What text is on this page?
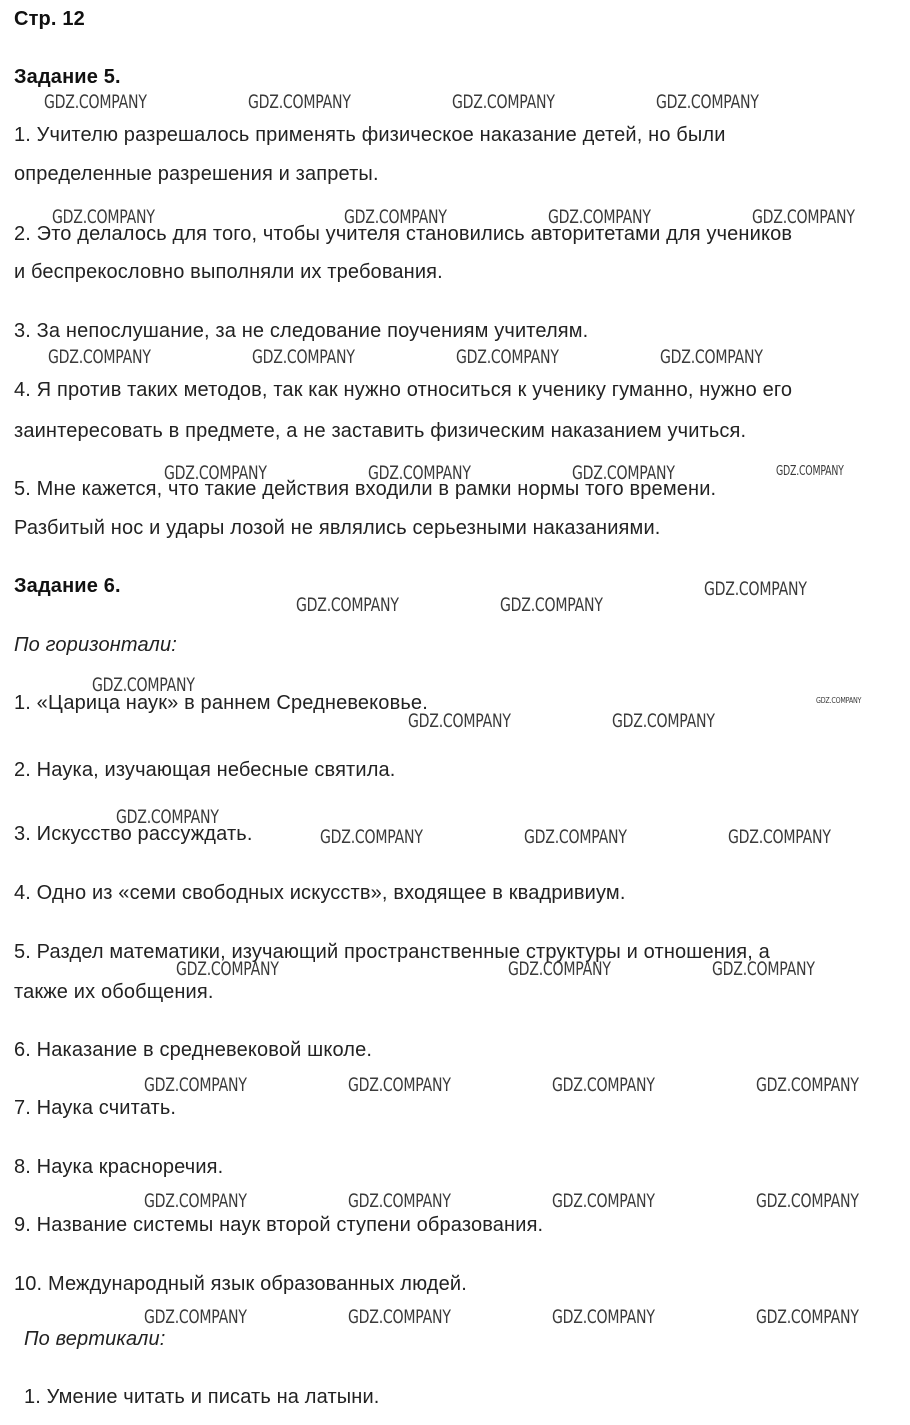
Стр. 12
Задание 5.
1. Учителю разрешалось применять физическое наказание детей, но были
определенные разрешения и запреты.
2. Это делалось для того, чтобы учителя становились авторитетами для учеников
и беспрекословно выполняли их требования.
3. За непослушание, за не следование поучениям учителям.
4. Я против таких методов, так как нужно относиться к ученику гуманно, нужно его
заинтересовать в предмете, а не заставить физическим наказанием учиться.
5. Мне кажется, что такие действия входили в рамки нормы того времени.
Разбитый нос и удары лозой не являлись серьезными наказаниями.
Задание 6.
По горизонтали:
1. «Царица наук» в раннем Средневековье.
2. Наука, изучающая небесные святила.
3. Искусство рассуждать.
4. Одно из «семи свободных искусств», входящее в квадривиум.
5. Раздел математики, изучающий пространственные структуры и отношения, а
также их обобщения.
6. Наказание в средневековой школе.
7. Наука считать.
8. Наука красноречия.
9. Название системы наук второй ступени образования.
10. Международный язык образованных людей.
По вертикали:
1. Умение читать и писать на латыни.
GDZ.COMPANY	GDZ.COMPANY	GDZ.COMPANY	GDZ.COMPANY
GDZ.COMPANY	GDZ.COMPANY	GDZ.COMPANY	GDZ.COMPANY
GDZ.COMPANY	GDZ.COMPANY	GDZ.COMPANY	GDZ.COMPANY
GDZ.COMPANY	GDZ.COMPANY	GDZ.COMPANY	GDZ.COMPANY
GDZ.COMPANY
GDZ.COMPANY	GDZ.COMPANY
GDZ.COMPANY
GDZ.COMPANY
GDZ.COMPANY	GDZ.COMPANY
GDZ.COMPANY
GDZ.COMPANY	GDZ.COMPANY	GDZ.COMPANY
GDZ.COMPANY	GDZ.COMPANY	GDZ.COMPANY
GDZ.COMPANY	GDZ.COMPANY	GDZ.COMPANY	GDZ.COMPANY
GDZ.COMPANY	GDZ.COMPANY	GDZ.COMPANY	GDZ.COMPANY
GDZ.COMPANY	GDZ.COMPANY	GDZ.COMPANY	GDZ.COMPANY
